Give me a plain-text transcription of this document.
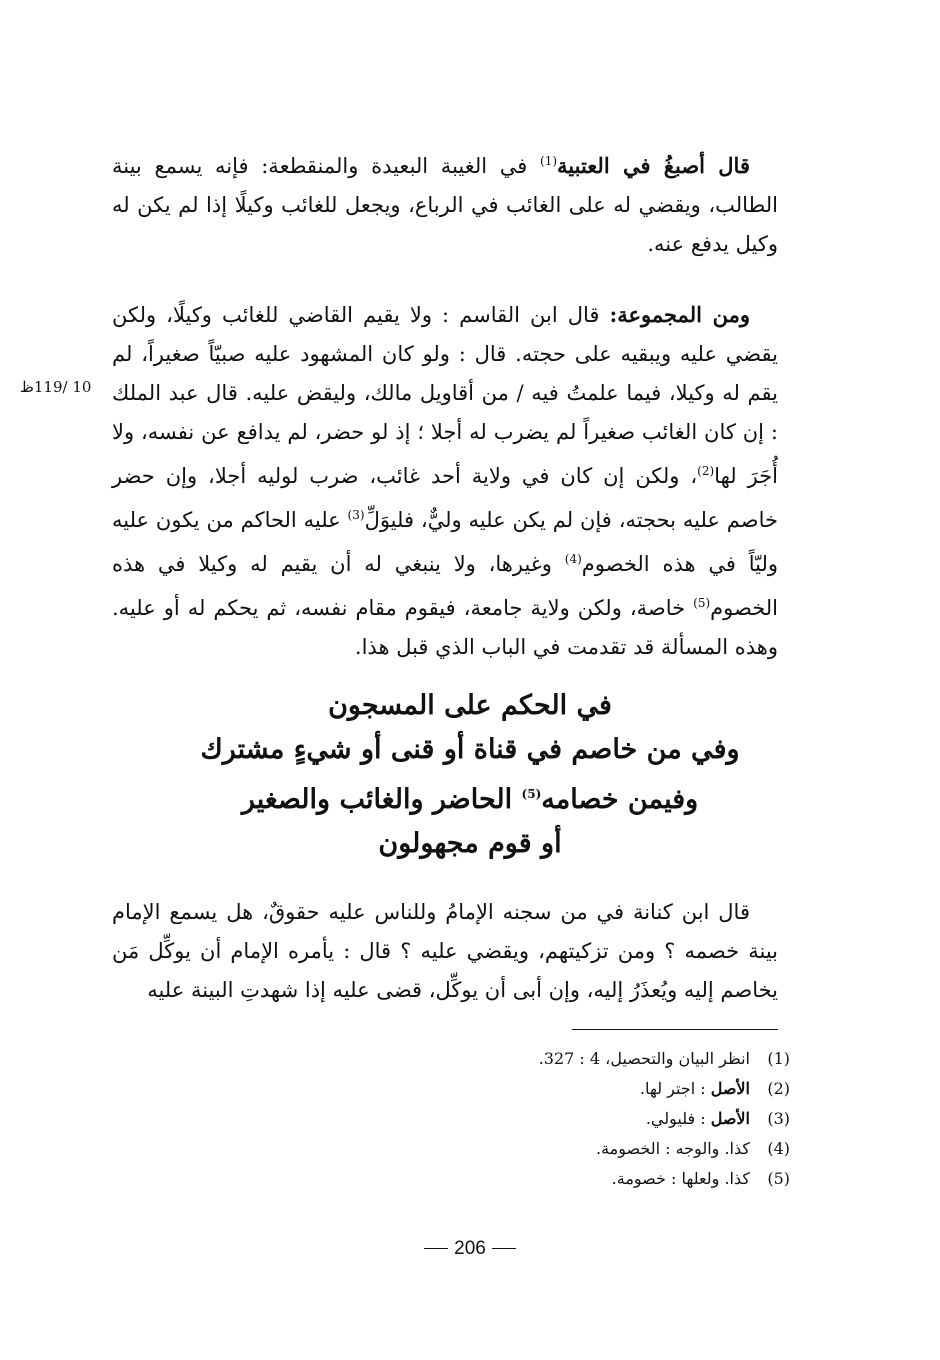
قال أصبغُ في العتبية$^{(1)}$ في الغيبة البعيدة والمنقطعة: فإنه يسمع بينة الطالب، ويقضي له على الغائب في الرباع، ويجعل للغائب وكيلًا إذا لم يكن له وكيل يدفع عنه.

ومن المجموعة: قال ابن القاسم : ولا يقيم القاضي للغائب وكيلًا، ولكن يقضي عليه ويبقيه على حجته. قال : ولو كان المشهود عليه صبيّاً صغيراً، لم يقم له وكيلا، فيما علمتُ فيه / من أقاويل مالك، وليقض عليه. قال عبد الملك : إن كان الغائب صغيراً لم يضرب له أجلا ؛ إذ لو حضر، لم يدافع عن نفسه، ولا أُجَرَ لها$^{(2)}$، ولكن إن كان في ولاية أحد غائب، ضرب لوليه أجلا، وإن حضر خاصم عليه بحجته، فإن لم يكن عليه وليٌّ، فليوَلِّ$^{(3)}$ عليه الحاكم من يكون عليه وليّاً في هذه الخصوم$^{(4)}$ وغيرها، ولا ينبغي له أن يقيم له وكيلا في هذه الخصوم$^{(5)}$ خاصة، ولكن ولاية جامعة، فيقوم مقام نفسه، ثم يحكم له أو عليه. وهذه المسألة قد تقدمت في الباب الذي قبل هذا.

10 /119ظ
في الحكم على المسجون
وفي من خاصم في قناة أو قنى أو شيءٍ مشترك
وفيمن خصامه$^{(5)}$ الحاضر والغائب والصغير
أو قوم مجهولون

قال ابن كنانة في من سجنه الإمامُ وللناس عليه حقوقٌ، هل يسمع الإمام بينة خصمه ؟ ومن تزكيتهم، ويقضي عليه ؟ قال : يأمره الإمام أن يوكِّل مَن يخاصم إليه ويُعذَرُ إليه، وإن أبى أن يوكِّل، قضى عليه إذا شهدتِ البينة عليه

(1)
انظر البيان والتحصيل، 4 : 327.
(2)
الأصل : اجتر لها.
(3)
الأصل : فليولي.
(4)
كذا. والوجه : الخصومة.
(5)
كذا. ولعلها : خصومة.
206
